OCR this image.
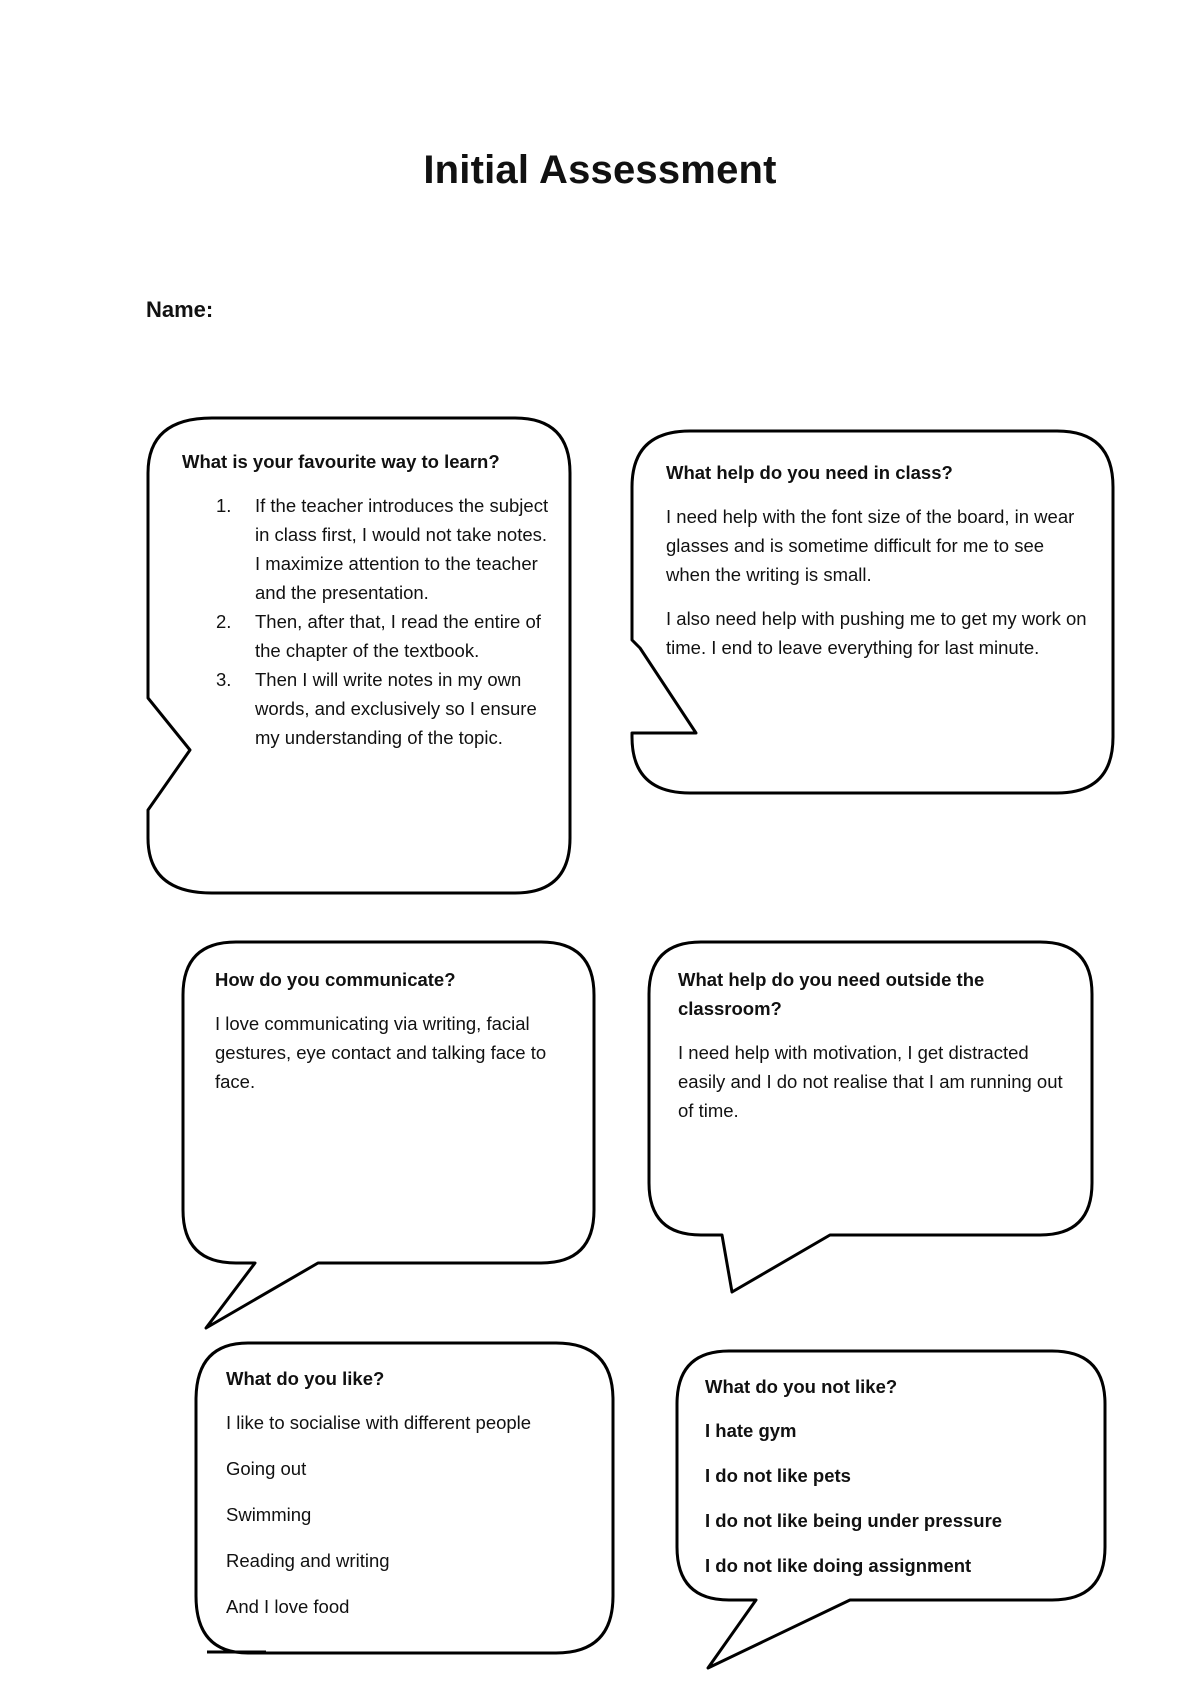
Initial Assessment
Name:
What is your favourite way to learn?
1. If the teacher introduces the subject in class first, I would not take notes. I maximize attention to the teacher and the presentation.
2. Then, after that, I read the entire of the chapter of the textbook.
3. Then I will write notes in my own words, and exclusively so I ensure my understanding of the topic.
What help do you need in class?

I need help with the font size of the board, in wear glasses and is sometime difficult for me to see when the writing is small.

I also need help with pushing me to get my work on time. I end to leave everything for last minute.

How do you communicate?

I love communicating via writing, facial gestures, eye contact and talking face to face.

What help do you need outside the classroom?

I need help with motivation, I get distracted easily and I do not realise that I am running out of time.

What do you like?

I like to socialise with different people

Going out

Swimming

Reading and writing

And I love food

What do you not like?

I hate gym

I do not like pets

I do not like being under pressure

I do not like doing assignment
